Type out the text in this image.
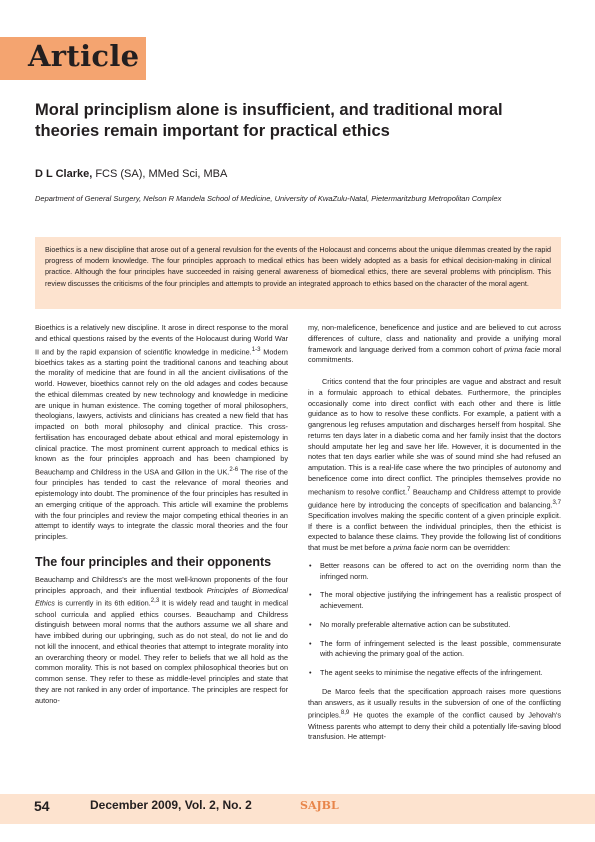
Article
Moral principlism alone is insufficient, and traditional moral theories remain important for practical ethics
D L Clarke, FCS (SA), MMed Sci, MBA
Department of General Surgery, Nelson R Mandela School of Medicine, University of KwaZulu-Natal, Pietermaritzburg Metropolitan Complex

Bioethics is a new discipline that arose out of a general revulsion for the events of the Holocaust and concerns about the unique dilemmas created by the rapid progress of modern knowledge. The four principles approach to medical ethics has been widely adopted as a basis for ethical decision-making in clinical practice. Although the four principles have succeeded in raising general awareness of biomedical ethics, there are several problems with principlism. This review discusses the criticisms of the four principles and attempts to provide an integrated approach to ethics based on the character of the moral agent.

Bioethics is a relatively new discipline. It arose in direct response to the moral and ethical questions raised by the events of the Holocaust during World War II and by the rapid expansion of scientific knowledge in medicine.$^{1-3}$ Modern bioethics takes as a starting point the traditional canons and teaching about the morality of medicine that are found in all the ancient civilisations of the world. However, bioethics cannot rely on the old adages and codes because the ethical dilemmas created by new technology and knowledge in medicine are unique in human existence. The coming together of moral philosophers, theologians, lawyers, activists and clinicians has created a new field that has impacted on both moral philosophy and clinical practice. This cross-fertilisation has encouraged debate about ethical and moral epistemology in clinical practice. The most prominent current approach to medical ethics is known as the four principles approach and has been championed by Beauchamp and Childress in the USA and Gillon in the UK.$^{2-6}$ The rise of the four principles has tended to cast the relevance of moral theories and epistemology into doubt. The prominence of the four principles has resulted in an emerging critique of the approach. This article will examine the problems with the four principles and review the major competing ethical theories in an attempt to identify ways to integrate the classic moral theories and the four principles.

The four principles and their opponents

Beauchamp and Childress's are the most well-known proponents of the four principles approach, and their influential textbook Principles of Biomedical Ethics is currently in its 6th edition.$^{2,3}$ It is widely read and taught in medical school curricula and applied ethics courses. Beauchamp and Childress distinguish between moral norms that the authors assume we all share and have imbibed during our upbringing, such as do not steal, do not lie and do not kill the innocent, and ethical theories that attempt to integrate morality into an overarching theory or model. They refer to beliefs that we all hold as the common morality. This is not based on complex philosophical theories but on common sense. They refer to these as middle-level principles and state that they are not ranked in any order of importance. The principles are respect for autono-

my, non-maleficence, beneficence and justice and are believed to cut across differences of culture, class and nationality and provide a unifying moral framework and language derived from a common cohort of prima facie moral commitments.

Critics contend that the four principles are vague and abstract and result in a formulaic approach to ethical debates. Furthermore, the principles occasionally come into direct conflict with each other and there is little guidance as to how to resolve these conflicts. For example, a patient with a gangrenous leg refuses amputation and discharges herself from hospital. She returns ten days later in a diabetic coma and her family insist that the doctors should amputate her leg and save her life. However, it is documented in the notes that ten days earlier while she was of sound mind she had refused an amputation. This is a real-life case where the two principles of autonomy and beneficence come into direct conflict. The principles themselves provide no mechanism to resolve conflict.$^7$ Beauchamp and Childress attempt to provide guidance here by introducing the concepts of specification and balancing.$^{3,7}$ Specification involves making the specific content of a given principle explicit. If there is a conflict between the individual principles, then the ethicist is expected to balance these claims. They provide the following list of conditions that must be met before a prima facie norm can be overridden:

• Better reasons can be offered to act on the overriding norm than the infringed norm.
• The moral objective justifying the infringement has a realistic prospect of achievement.
• No morally preferable alternative action can be substituted.
• The form of infringement selected is the least possible, commensurate with achieving the primary goal of the action.
• The agent seeks to minimise the negative effects of the infringement.

De Marco feels that the specification approach raises more questions than answers, as it usually results in the subversion of one of the conflicting principles.$^{8,9}$ He quotes the example of the conflict caused by Jehovah's Witness parents who attempt to deny their child a potentially life-saving blood transfusion. He attempt-

54	December 2009, Vol. 2, No. 2	SAJBL
